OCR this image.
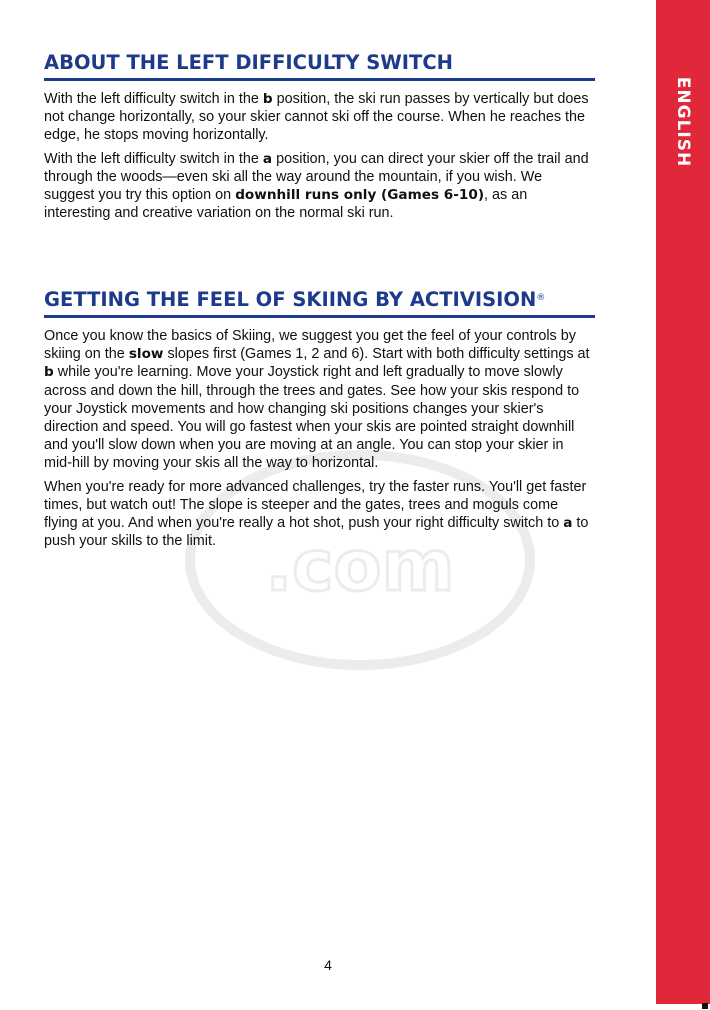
ENGLISH
.com
ABOUT THE LEFT DIFFICULTY SWITCH

With the left difficulty switch in the b position, the ski run passes by vertically but does not change horizontally, so your skier cannot ski off the course. When he reaches the edge, he stops moving horizontally.

With the left difficulty switch in the a position, you can direct your skier off the trail and through the woods—even ski all the way around the mountain, if you wish. We suggest you try this option on downhill runs only (Games 6-10), as an interesting and creative variation on the normal ski run.

GETTING THE FEEL OF SKIING BY ACTIVISION®

Once you know the basics of Skiing, we suggest you get the feel of your controls by skiing on the slow slopes first (Games 1, 2 and 6). Start with both difficulty settings at b while you're learning. Move your Joystick right and left gradually to move slowly across and down the hill, through the trees and gates. See how your skis respond to your Joystick movements and how changing ski positions changes your skier's direction and speed. You will go fastest when your skis are pointed straight downhill and you'll slow down when you are moving at an angle. You can stop your skier in mid-hill by moving your skis all the way to horizontal.

When you're ready for more advanced challenges, try the faster runs. You'll get faster times, but watch out! The slope is steeper and the gates, trees and moguls come flying at you. And when you're really a hot shot, push your right difficulty switch to a to push your skills to the limit.

4
